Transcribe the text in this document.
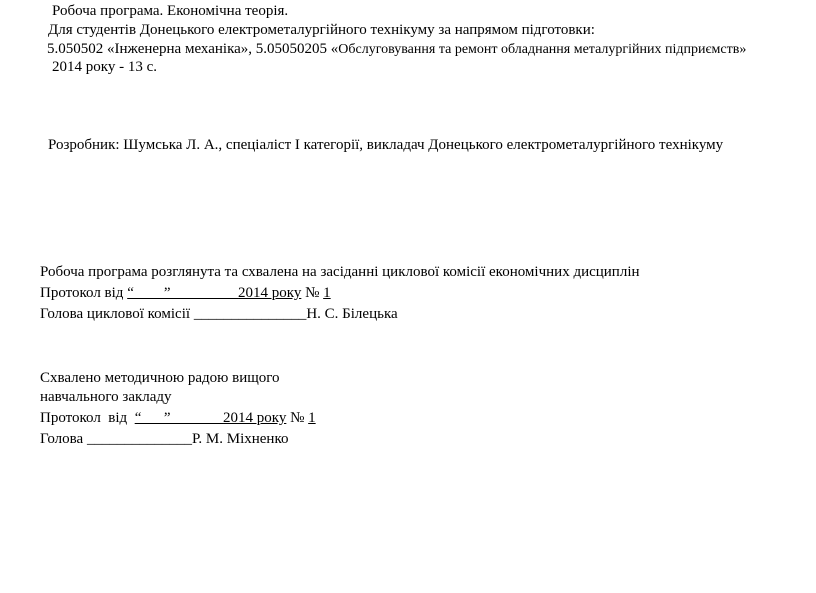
Робоча програма. Економічна теорія.
Для студентів Донецького електрометалургійного технікуму за напрямом підготовки:
5.050502 «Інженерна механіка», 5.05050205 «Обслуговування та ремонт обладнання металургійних підприємств»
2014 року - 13 с.
Розробник: Шумська Л. А., спеціаліст I категорії, викладач Донецького електрометалургійного технікуму
Робоча програма розглянута та схвалена на засіданні циклової комісії економічних дисциплін
Протокол від “        ”                  2014 року № 1
Голова циклової комісії _______________Н. С. Білецька
Схвалено методичною радою вищого
навчального закладу
Протокол  від  “      ”              2014 року № 1
Голова ______________Р. М. Міхненко
